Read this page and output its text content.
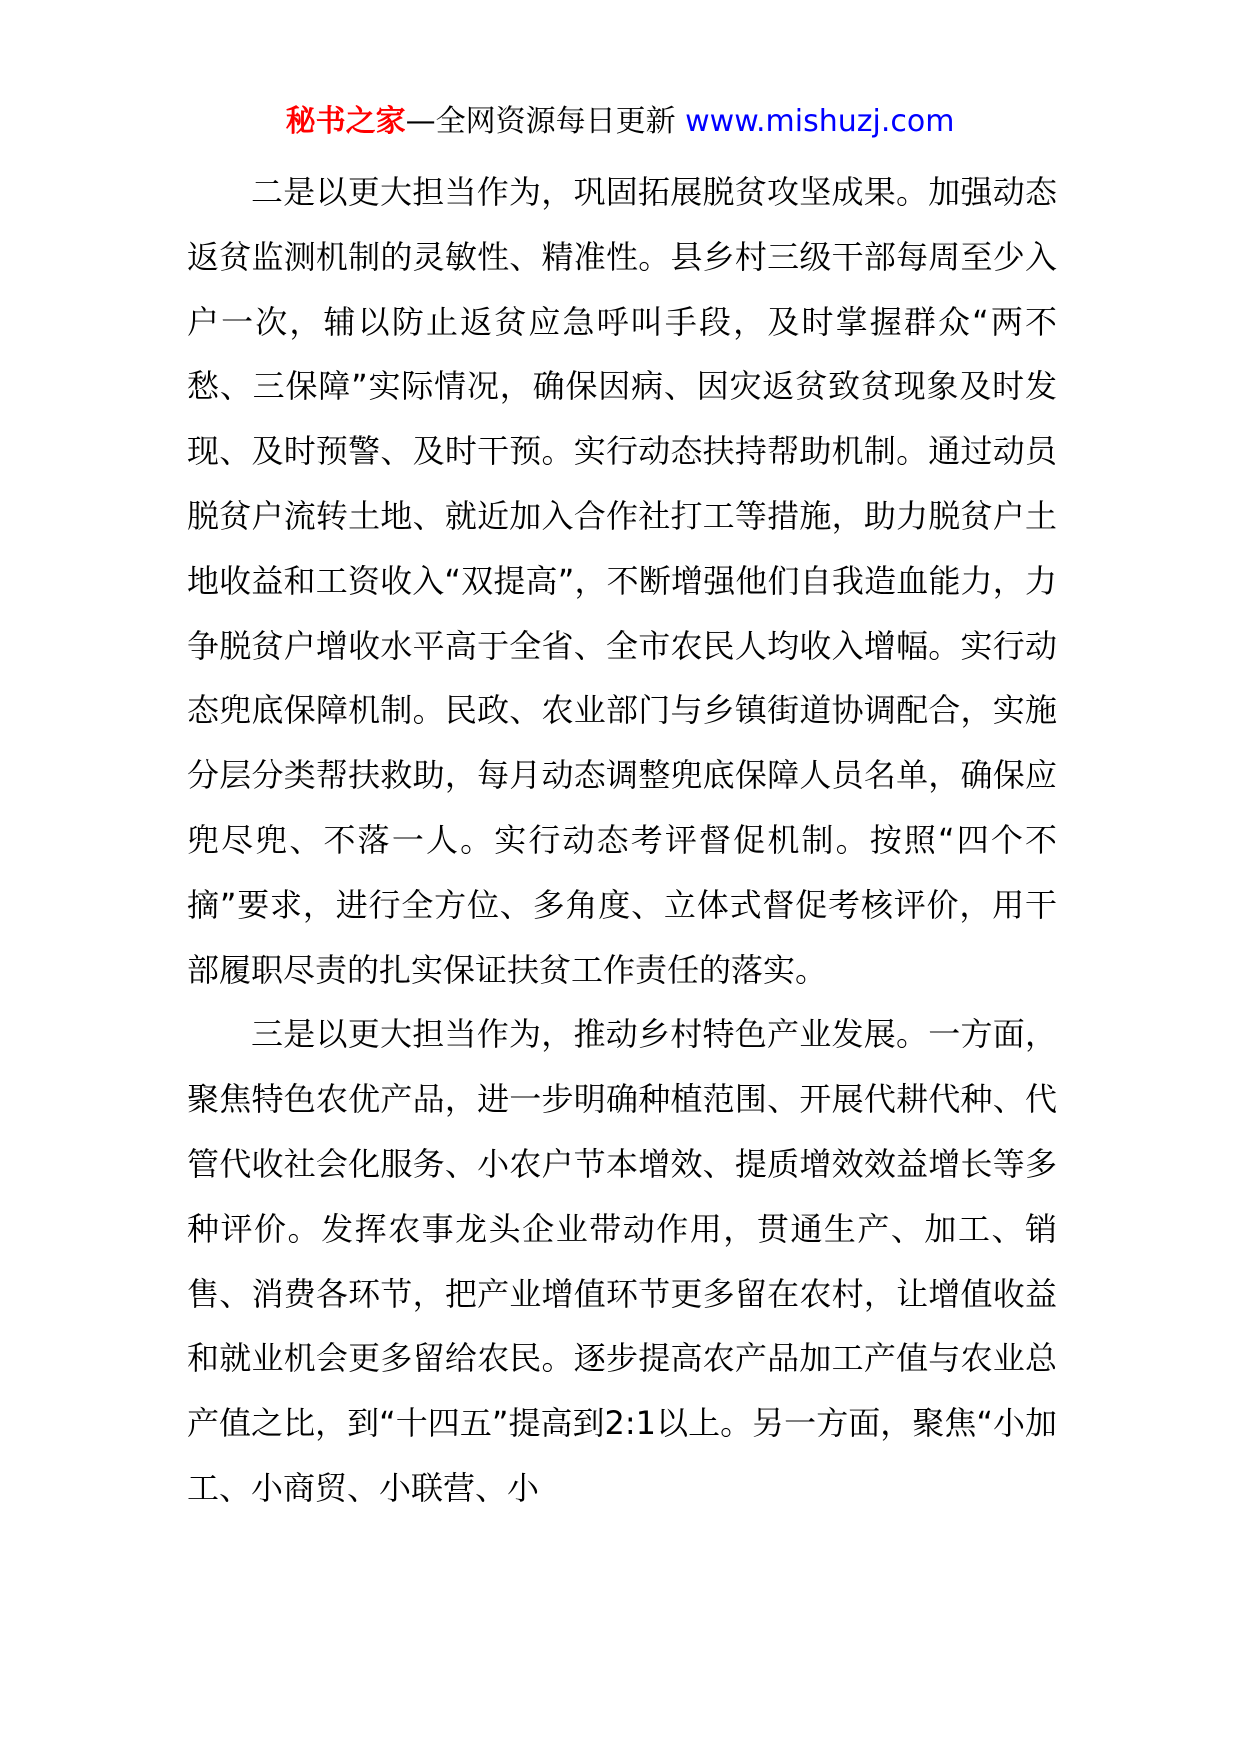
秘书之家—全网资源每日更新 www.mishuzj.com

二是以更大担当作为，巩固拓展脱贫攻坚成果。加强动态返贫监测机制的灵敏性、精准性。县乡村三级干部每周至少入户一次，辅以防止返贫应急呼叫手段，及时掌握群众“两不愁、三保障”实际情况，确保因病、因灾返贫致贫现象及时发现、及时预警、及时干预。实行动态扶持帮助机制。通过动员脱贫户流转土地、就近加入合作社打工等措施，助力脱贫户土地收益和工资收入“双提高”，不断增强他们自我造血能力，力争脱贫户增收水平高于全省、全市农民人均收入增幅。实行动态兜底保障机制。民政、农业部门与乡镇街道协调配合，实施分层分类帮扶救助，每月动态调整兜底保障人员名单，确保应兜尽兜、不落一人。实行动态考评督促机制。按照“四个不摘”要求，进行全方位、多角度、立体式督促考核评价，用干部履职尽责的扎实保证扶贫工作责任的落实。

三是以更大担当作为，推动乡村特色产业发展。一方面，聚焦特色农优产品，进一步明确种植范围、开展代耕代种、代管代收社会化服务、小农户节本增效、提质增效效益增长等多种评价。发挥农事龙头企业带动作用，贯通生产、加工、销售、消费各环节，把产业增值环节更多留在农村，让增值收益和就业机会更多留给农民。逐步提高农产品加工产值与农业总产值之比，到“十四五”提高到2:1以上。另一方面，聚焦“小加工、小商贸、小联营、小
